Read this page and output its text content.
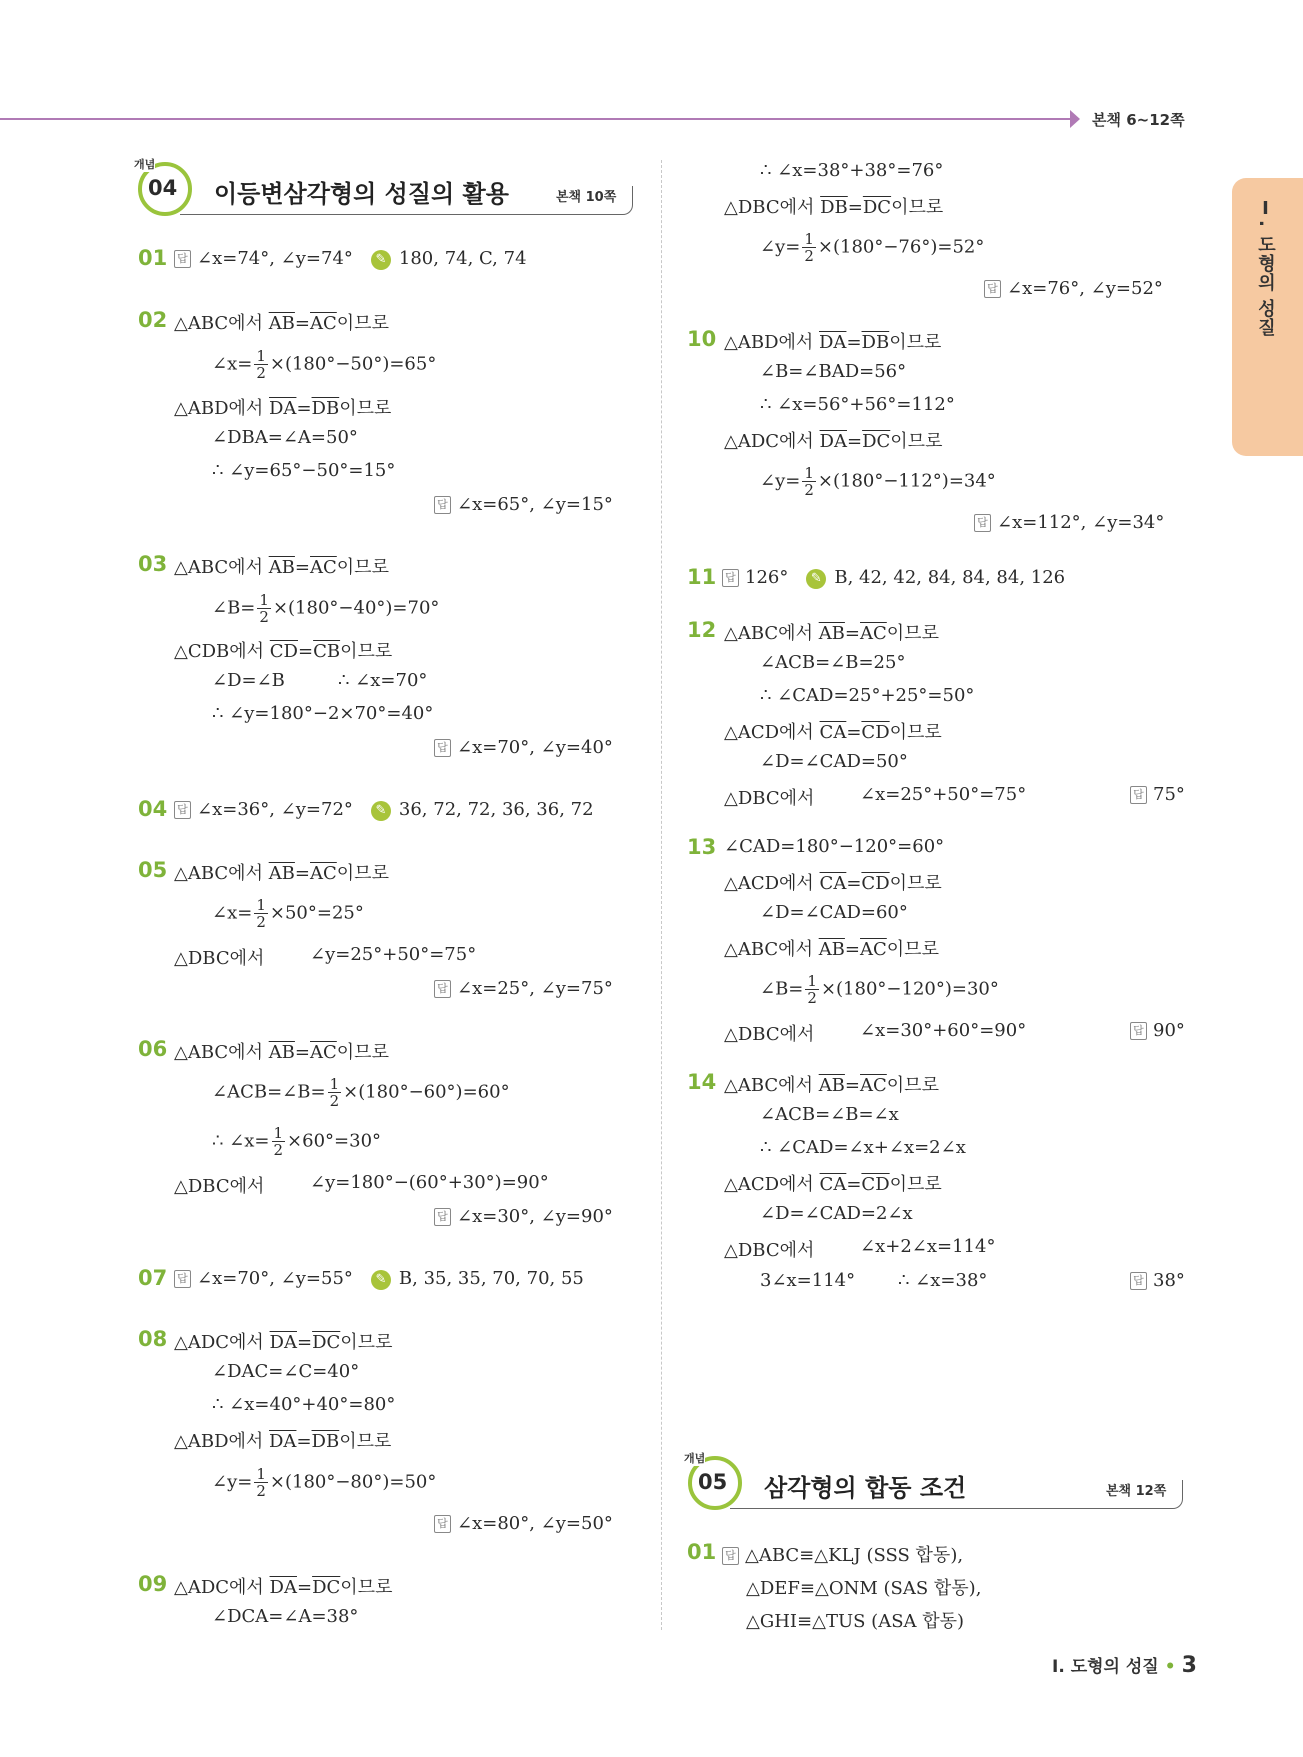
본책 6~12쪽
Ⅰ. 도형의 성질
개념
04 이등변삼각형의 성질의 활용	본책 10쪽
01 답 ∠x=74°, ∠y=74° ✎ 180, 74, C, 74
02 △ABC에서 $\overline{AB}=\overline{AC}$이므로
∠x= $\frac{1}{2} \times(180^\circ-50^\circ)=65^\circ$
△ABD에서 $\overline{DA}=\overline{DB}$이므로
∠DBA=∠A=50°
∴ ∠y=65°−50°=15°
답 ∠x=65°, ∠y=15°
03 △ABC에서 $\overline{AB}=\overline{AC}$이므로
∠B= $\frac{1}{2} \times(180^\circ-40^\circ)=70^\circ$
△CDB에서 $\overline{CD}=\overline{CB}$이므로
∠D=∠B	∴ ∠x=70°
∴ ∠y=180°−2×70°=40°
답 ∠x=70°, ∠y=40°
04 답 ∠x=36°, ∠y=72° ✎ 36, 72, 72, 36, 36, 72
05 △ABC에서 $\overline{AB}=\overline{AC}$이므로
∠x= $\frac{1}{2} \times 50^\circ=25^\circ$
△DBC에서	∠y=25°+50°=75°
답 ∠x=25°, ∠y=75°
06 △ABC에서 $\overline{AB}=\overline{AC}$이므로
∠ACB=∠B= $\frac{1}{2} \times(180^\circ-60^\circ)=60^\circ$
∴ ∠x= $\frac{1}{2} \times 60^\circ=30^\circ$
△DBC에서	∠y=180°−(60°+30°)=90°
답 ∠x=30°, ∠y=90°
07 답 ∠x=70°, ∠y=55° ✎ B, 35, 35, 70, 70, 55
08 △ADC에서 $\overline{DA}=\overline{DC}$이므로
∠DAC=∠C=40°
∴ ∠x=40°+40°=80°
△ABD에서 $\overline{DA}=\overline{DB}$이므로
∠y= $\frac{1}{2} \times(180^\circ-80^\circ)=50^\circ$
답 ∠x=80°, ∠y=50°
09 △ADC에서 $\overline{DA}=\overline{DC}$이므로
∠DCA=∠A=38°
∴ ∠x=38°+38°=76°
△DBC에서 $\overline{DB}=\overline{DC}$이므로
∠y= $\frac{1}{2} \times(180^\circ-76^\circ)=52^\circ$
답 ∠x=76°, ∠y=52°
10 △ABD에서 $\overline{DA}=\overline{DB}$이므로
∠B=∠BAD=56°
∴ ∠x=56°+56°=112°
△ADC에서 $\overline{DA}=\overline{DC}$이므로
∠y= $\frac{1}{2} \times(180^\circ-112^\circ)=34^\circ$
답 ∠x=112°, ∠y=34°
11 답 126° ✎ B, 42, 42, 84, 84, 84, 126
12 △ABC에서 $\overline{AB}=\overline{AC}$이므로
∠ACB=∠B=25°
∴ ∠CAD=25°+25°=50°
△ACD에서 $\overline{CA}=\overline{CD}$이므로
∠D=∠CAD=50°
△DBC에서	∠x=25°+50°=75°	답 75°
13 ∠CAD=180°−120°=60°
△ACD에서 $\overline{CA}=\overline{CD}$이므로
∠D=∠CAD=60°
△ABC에서 $\overline{AB}=\overline{AC}$이므로
∠B= $\frac{1}{2} \times(180^\circ-120^\circ)=30^\circ$
△DBC에서	∠x=30°+60°=90°	답 90°
14 △ABC에서 $\overline{AB}=\overline{AC}$이므로
∠ACB=∠B=∠x
∴ ∠CAD=∠x+∠x=2∠x
△ACD에서 $\overline{CA}=\overline{CD}$이므로
∠D=∠CAD=2∠x
△DBC에서	∠x+2∠x=114°
3∠x=114° ∴ ∠x=38°	답 38°
개념
05 삼각형의 합동 조건	본책 12쪽
01 답 △ABC≡△KLJ (SSS 합동),
△DEF≡△ONM (SAS 합동),
△GHI≡△TUS (ASA 합동)
Ⅰ. 도형의 성질 • 3
